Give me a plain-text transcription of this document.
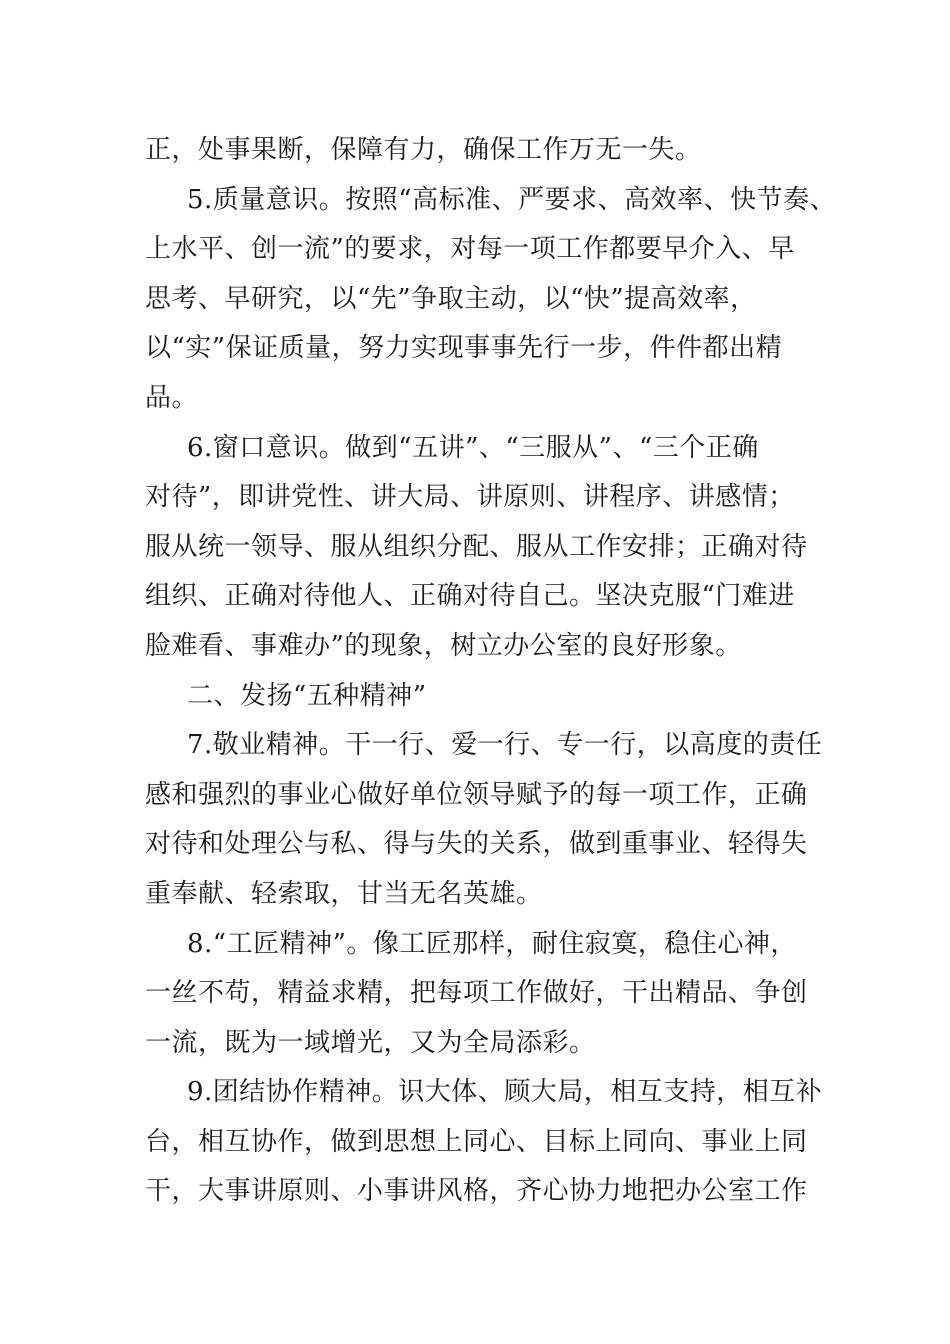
正，处事果断，保障有力，确保工作万无一失。
5.质量意识。按照“高标准、严要求、高效率、快节奏、
上水平、创一流”的要求，对每一项工作都要早介入、早
思考、早研究，以“先”争取主动，以“快”提高效率，
以“实”保证质量，努力实现事事先行一步，件件都出精
品。
6.窗口意识。做到“五讲”、“三服从”、“三个正确
对待”，即讲党性、讲大局、讲原则、讲程序、讲感情；
服从统一领导、服从组织分配、服从工作安排；正确对待
组织、正确对待他人、正确对待自己。坚决克服“门难进
脸难看、事难办”的现象，树立办公室的良好形象。
二、发扬“五种精神”
7.敬业精神。干一行、爱一行、专一行，以高度的责任
感和强烈的事业心做好单位领导赋予的每一项工作，正确
对待和处理公与私、得与失的关系，做到重事业、轻得失
重奉献、轻索取，甘当无名英雄。
8.“工匠精神”。像工匠那样，耐住寂寞，稳住心神，
一丝不苟，精益求精，把每项工作做好，干出精品、争创
一流，既为一域增光，又为全局添彩。
9.团结协作精神。识大体、顾大局，相互支持，相互补
台，相互协作，做到思想上同心、目标上同向、事业上同
干，大事讲原则、小事讲风格，齐心协力地把办公室工作
